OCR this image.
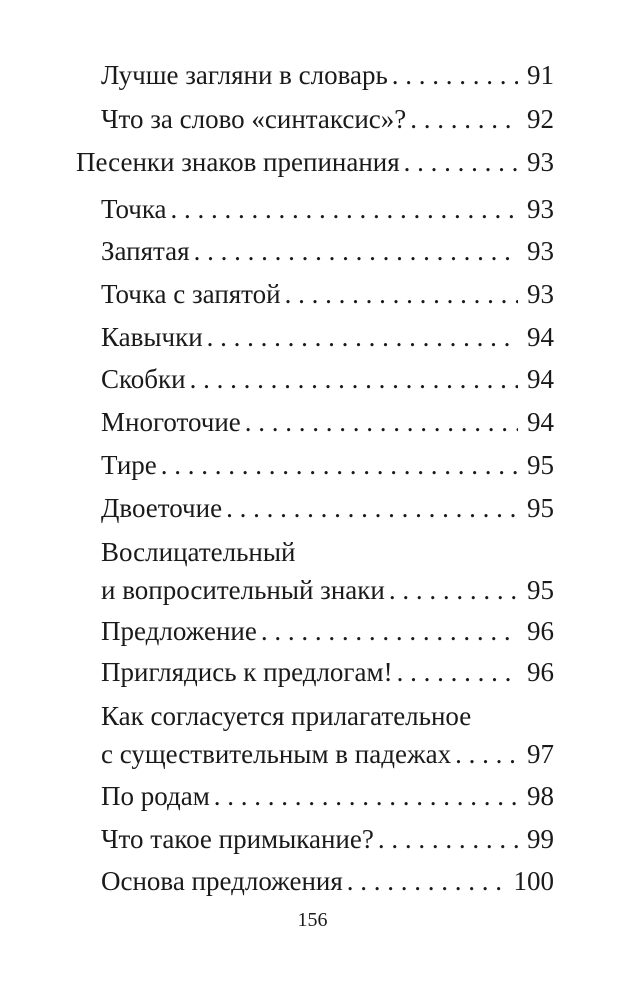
Лучше загляни в словарь . . .	91
Что за слово «синтаксис»? . . .	92
Песенки знаков препинания . . .	93
Точка . . .	93
Запятая . . .	93
Точка с запятой . . .	93
Кавычки . . .	94
Скобки . . .	94
Многоточие . . .	94
Тире . . .	95
Двоеточие . . .	95
Вослицательный
и вопросительный знаки . . .	95
Предложение . . .	96
Приглядись к предлогам! . . .	96
Как согласуется прилагательное
с существительным в падежах . . .	97
По родам . . .	98
Что такое примыкание? . . .	99
Основа предложения . . .	100
156
